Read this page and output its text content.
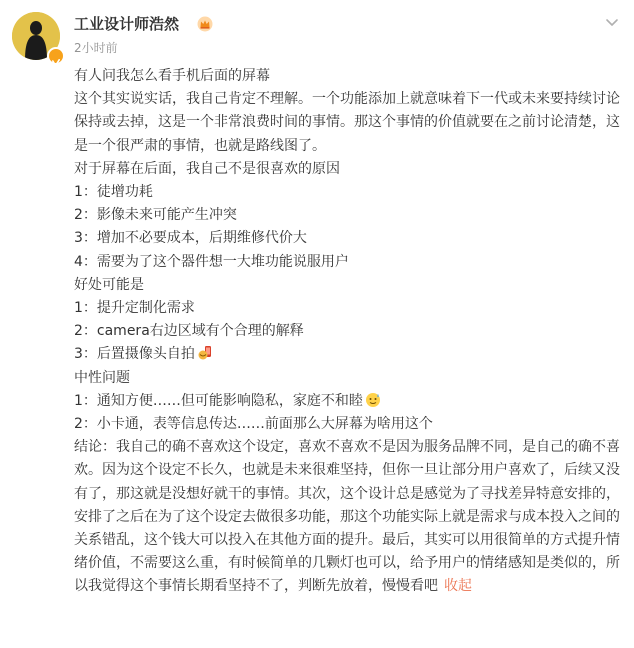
工业设计师浩然
2小时前
有人问我怎么看手机后面的屏幕
这个其实说实话，我自己肯定不理解。一个功能添加上就意味着下一代或未来要持续讨论保持或去掉，这是一个非常浪费时间的事情。那这个事情的价值就要在之前讨论清楚，这是一个很严肃的事情，也就是路线图了。
对于屏幕在后面，我自己不是很喜欢的原因
1：徒增功耗
2：影像未来可能产生冲突
3：增加不必要成本，后期维修代价大
4：需要为了这个器件想一大堆功能说服用户
好处可能是
1：提升定制化需求
2：camera右边区域有个合理的解释
3：后置摄像头自拍
中性问题
1：通知方便……但可能影响隐私，家庭不和睦
2：小卡通，表等信息传达……前面那么大屏幕为啥用这个
结论：我自己的确不喜欢这个设定，喜欢不喜欢不是因为服务品牌不同，是自己的确不喜欢。因为这个设定不长久，也就是未来很难坚持，但你一旦让部分用户喜欢了，后续又没有了，那这就是没想好就干的事情。其次，这个设计总是感觉为了寻找差异特意安排的，安排了之后在为了这个设定去做很多功能，那这个功能实际上就是需求与成本投入之间的关系错乱，这个钱大可以投入在其他方面的提升。最后，其实可以用很简单的方式提升情绪价值，不需要这么重，有时候简单的几颗灯也可以，给予用户的情绪感知是类似的，所以我觉得这个事情长期看坚持不了，判断先放着，慢慢看吧 收起
